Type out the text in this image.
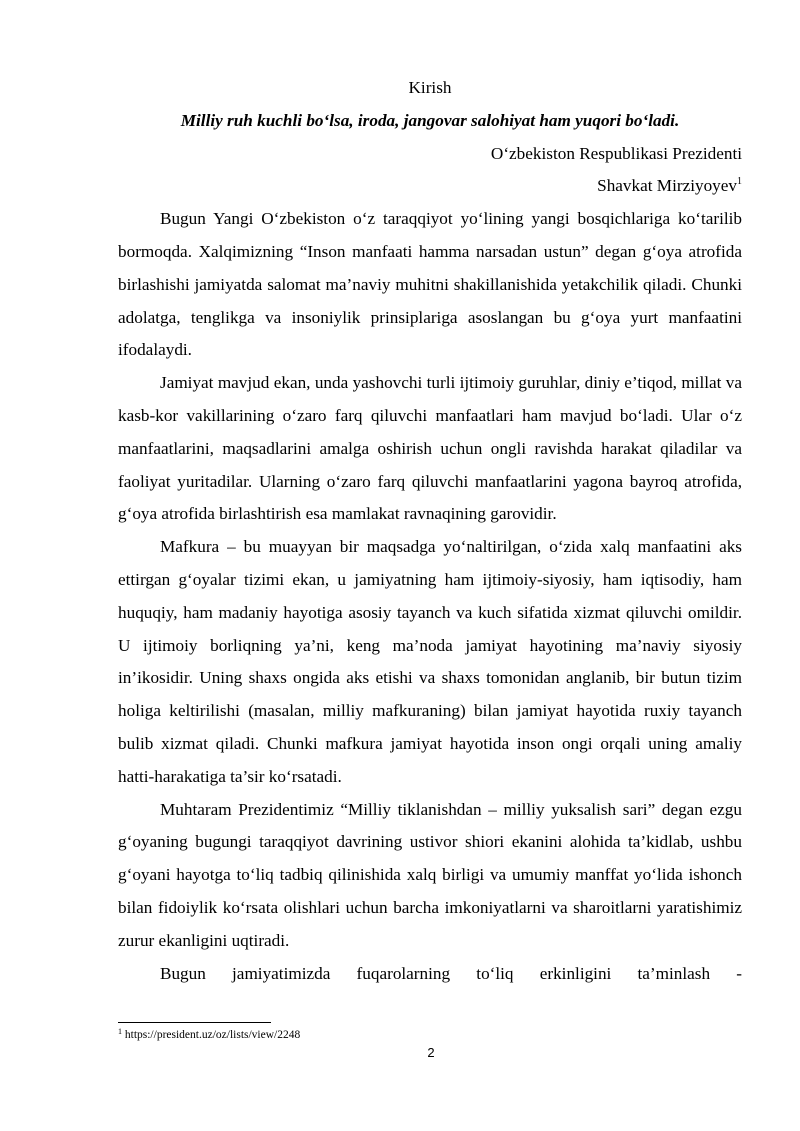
Kirish

Milliy ruh kuchli bo‘lsa, iroda, jangovar salohiyat ham yuqori bo‘ladi.

O‘zbekiston Respublikasi Prezidenti

Shavkat Mirziyoyev$^1$

Bugun Yangi O‘zbekiston o‘z taraqqiyot yo‘lining yangi bosqichlariga ko‘tarilib bormoqda. Xalqimizning “Inson manfaati hamma narsadan ustun” degan g‘oya atrofida birlashishi jamiyatda salomat ma’naviy muhitni shakillanishida yetakchilik qiladi. Chunki adolatga, tenglikga va insoniylik prinsiplariga asoslangan bu g‘oya yurt manfaatini ifodalaydi.

Jamiyat mavjud ekan, unda yashovchi turli ijtimoiy guruhlar, diniy e’tiqod, millat va kasb-kor vakillarining o‘zaro farq qiluvchi manfaatlari ham mavjud bo‘ladi. Ular o‘z manfaatlarini, maqsadlarini amalga oshirish uchun ongli ravishda harakat qiladilar va faoliyat yuritadilar. Ularning o‘zaro farq qiluvchi manfaatlarini yagona bayroq atrofida, g‘oya atrofida birlashtirish esa mamlakat ravnaqining garovidir.

Mafkura – bu muayyan bir maqsadga yo‘naltirilgan, o‘zida xalq manfaatini aks ettirgan g‘oyalar tizimi ekan, u jamiyatning ham ijtimoiy-siyosiy, ham iqtisodiy, ham huquqiy, ham madaniy hayotiga asosiy tayanch va kuch sifatida xizmat qiluvchi omildir. U ijtimoiy borliqning ya’ni, keng ma’noda jamiyat hayotining ma’naviy siyosiy in’ikosidir. Uning shaxs ongida aks etishi va shaxs tomonidan anglanib, bir butun tizim holiga keltirilishi (masalan, milliy mafkuraning) bilan jamiyat hayotida ruxiy tayanch bulib xizmat qiladi. Chunki mafkura jamiyat hayotida inson ongi orqali uning amaliy hatti-harakatiga ta’sir ko‘rsatadi.

Muhtaram Prezidentimiz “Milliy tiklanishdan – milliy yuksalish sari” degan ezgu g‘oyaning bugungi taraqqiyot davrining ustivor shiori ekanini alohida ta’kidlab, ushbu g‘oyani hayotga to‘liq tadbiq qilinishida xalq birligi va umumiy manffat yo‘lida ishonch bilan fidoiylik ko‘rsata olishlari uchun barcha imkoniyatlarni va sharoitlarni yaratishimiz zurur ekanligini uqtiradi.

Bugun jamiyatimizda fuqarolarning to‘liq erkinligini ta’minlash -

$^1$ https://president.uz/oz/lists/view/2248

2
